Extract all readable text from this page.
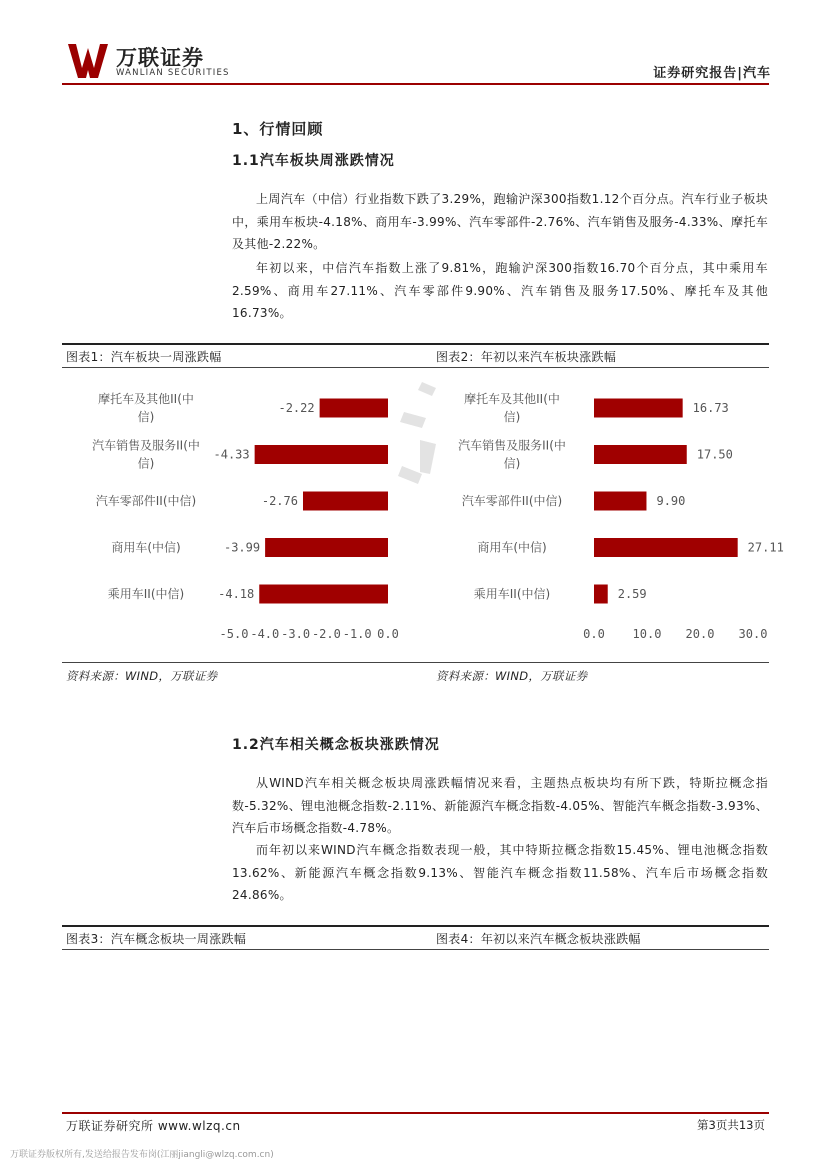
万联证券
WANLIAN SECURITIES	证券研究报告|汽车
1、行情回顾
1.1汽车板块周涨跌情况
上周汽车（中信）行业指数下跌了3.29%，跑输沪深300指数1.12个百分点。汽车行业子板块中，乘用车板块-4.18%、商用车-3.99%、汽车零部件-2.76%、汽车销售及服务-4.33%、摩托车及其他-2.22%。
年初以来，中信汽车指数上涨了9.81%，跑输沪深300指数16.70个百分点，其中乘用车2.59%、商用车27.11%、汽车零部件9.90%、汽车销售及服务17.50%、摩托车及其他16.73%。
图表1：汽车板块一周涨跌幅	图表2：年初以来汽车板块涨跌幅
-2.22
摩托车及其他II(中
信)
-4.33
汽车销售及服务II(中
信)
-2.76
汽车零部件II(中信)
-3.99
商用车(中信)
-4.18
乘用车II(中信)
-5.0 -4.0 -3.0 -2.0 -1.0 0.0
16.73
摩托车及其他II(中
信)
17.50
汽车销售及服务II(中
信)
9.90
汽车零部件II(中信)
27.11
商用车(中信)
2.59
乘用车II(中信)
0.0 10.0 20.0 30.0
资料来源：WIND，万联证券	资料来源：WIND，万联证券
1.2汽车相关概念板块涨跌情况
从WIND汽车相关概念板块周涨跌幅情况来看，主题热点板块均有所下跌，特斯拉概念指数-5.32%、锂电池概念指数-2.11%、新能源汽车概念指数-4.05%、智能汽车概念指数-3.93%、汽车后市场概念指数-4.78%。
而年初以来WIND汽车概念指数表现一般，其中特斯拉概念指数15.45%、锂电池概念指数13.62%、新能源汽车概念指数9.13%、智能汽车概念指数11.58%、汽车后市场概念指数24.86%。
图表3：汽车概念板块一周涨跌幅	图表4：年初以来汽车概念板块涨跌幅
万联证券研究所 www.wlzq.cn	第3页共13页
万联证券版权所有,发送给报告发布岗(江丽jiangli@wlzq.com.cn)
